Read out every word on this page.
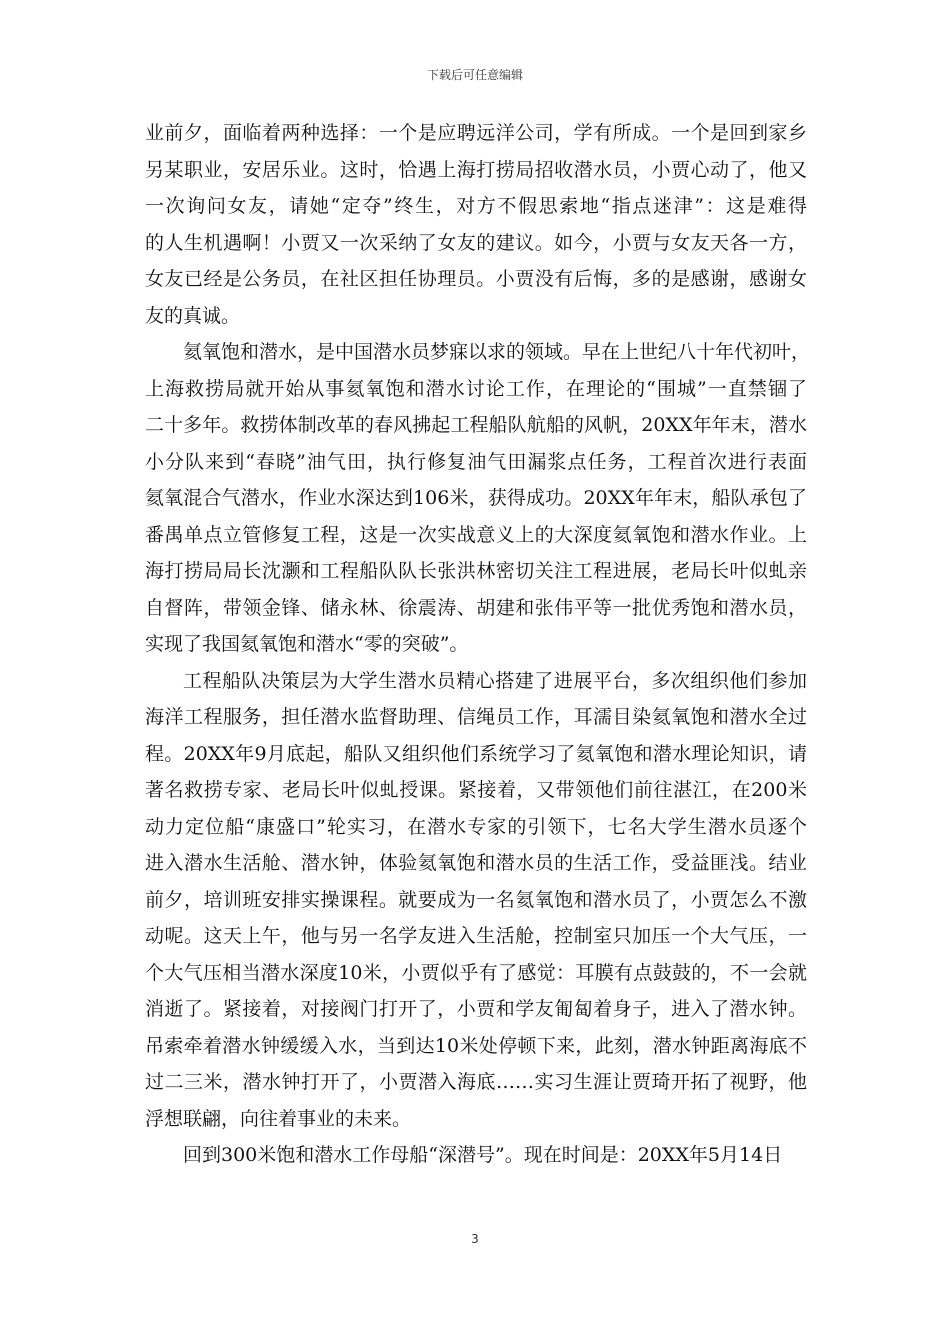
下载后可任意编辑
业前夕，面临着两种选择：一个是应聘远洋公司，学有所成。一个是回到家乡
另某职业，安居乐业。这时，恰遇上海打捞局招收潜水员，小贾心动了，他又
一次询问女友，请她“定夺”终生，对方不假思索地“指点迷津”：这是难得
的人生机遇啊！小贾又一次采纳了女友的建议。如今，小贾与女友天各一方，
女友已经是公务员，在社区担任协理员。小贾没有后悔，多的是感谢，感谢女
友的真诚。
氦氧饱和潜水，是中国潜水员梦寐以求的领域。早在上世纪八十年代初叶，
上海救捞局就开始从事氦氧饱和潜水讨论工作，在理论的“围城”一直禁锢了
二十多年。救捞体制改革的春风拂起工程船队航船的风帆，20XX年年末，潜水
小分队来到“春晓”油气田，执行修复油气田漏浆点任务，工程首次进行表面
氦氧混合气潜水，作业水深达到106米，获得成功。20XX年年末，船队承包了
番禺单点立管修复工程，这是一次实战意义上的大深度氦氧饱和潜水作业。上
海打捞局局长沈灏和工程船队队长张洪林密切关注工程进展，老局长叶似虬亲
自督阵，带领金锋、储永林、徐震涛、胡建和张伟平等一批优秀饱和潜水员，
实现了我国氦氧饱和潜水“零的突破”。
工程船队决策层为大学生潜水员精心搭建了进展平台，多次组织他们参加
海洋工程服务，担任潜水监督助理、信绳员工作，耳濡目染氦氧饱和潜水全过
程。20XX年9月底起，船队又组织他们系统学习了氦氧饱和潜水理论知识，请
著名救捞专家、老局长叶似虬授课。紧接着，又带领他们前往湛江，在200米
动力定位船“康盛口”轮实习，在潜水专家的引领下，七名大学生潜水员逐个
进入潜水生活舱、潜水钟，体验氦氧饱和潜水员的生活工作，受益匪浅。结业
前夕，培训班安排实操课程。就要成为一名氦氧饱和潜水员了，小贾怎么不激
动呢。这天上午，他与另一名学友进入生活舱，控制室只加压一个大气压，一
个大气压相当潜水深度10米，小贾似乎有了感觉：耳膜有点鼓鼓的，不一会就
消逝了。紧接着，对接阀门打开了，小贾和学友匍匐着身子，进入了潜水钟。
吊索牵着潜水钟缓缓入水，当到达10米处停顿下来，此刻，潜水钟距离海底不
过二三米，潜水钟打开了，小贾潜入海底……实习生涯让贾琦开拓了视野，他
浮想联翩，向往着事业的未来。
回到300米饱和潜水工作母船“深潜号”。现在时间是：20XX年5月14日
3
